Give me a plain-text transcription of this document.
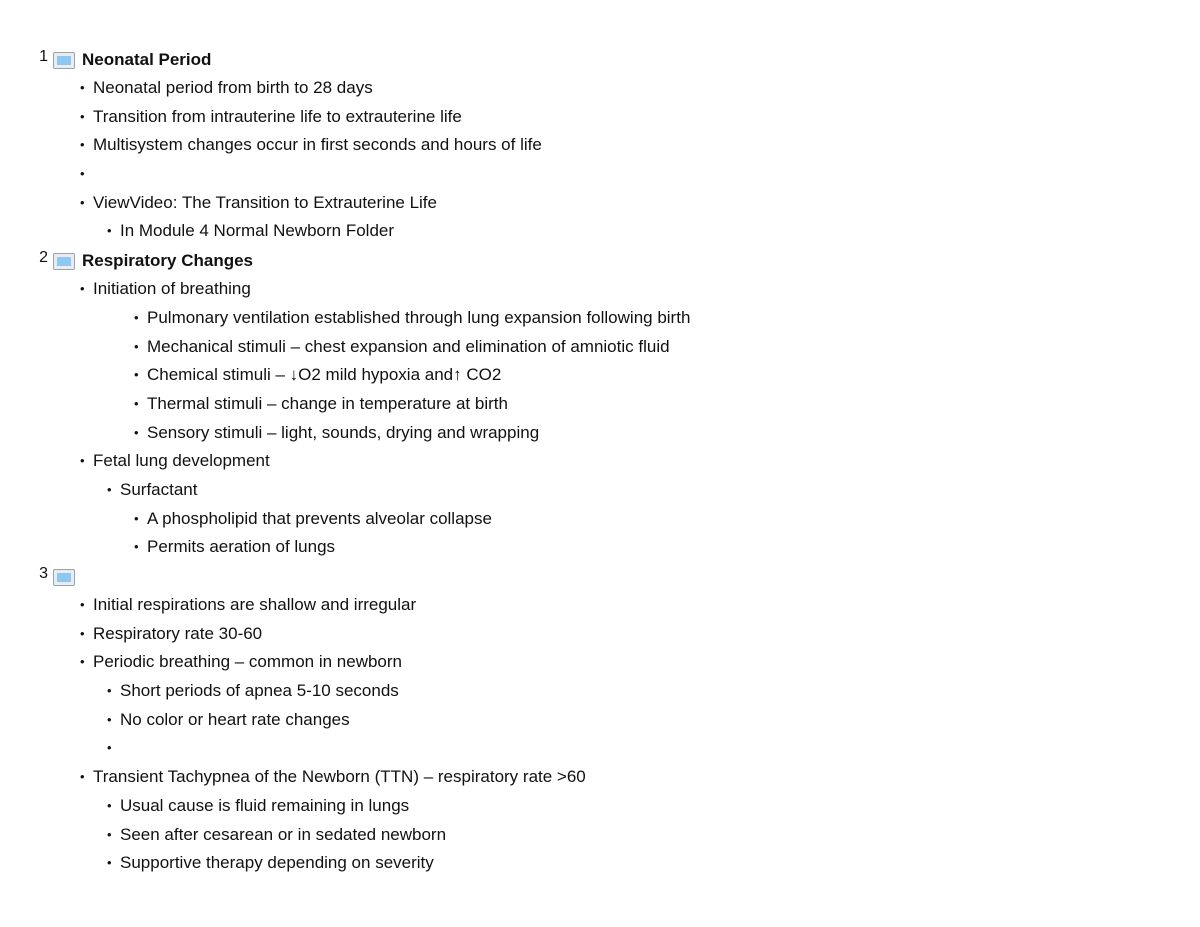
1 Neonatal Period
• Neonatal period from birth to 28 days
• Transition from intrauterine life to extrauterine life
• Multisystem changes occur in first seconds and hours of life
•
• ViewVideo: The Transition to Extrauterine Life
• In Module 4 Normal Newborn Folder
2 Respiratory Changes
• Initiation of breathing
• Pulmonary ventilation established through lung expansion following birth
• Mechanical stimuli – chest expansion and elimination of amniotic fluid
• Chemical stimuli – ↓O2 mild hypoxia and↑ CO2
• Thermal stimuli – change in temperature at birth
• Sensory stimuli – light, sounds, drying and wrapping
• Fetal lung development
• Surfactant
• A phospholipid that prevents alveolar collapse
• Permits aeration of lungs
3
• Initial respirations are shallow and irregular
• Respiratory rate 30-60
• Periodic breathing – common in newborn
• Short periods of apnea 5-10 seconds
• No color or heart rate changes
•
• Transient Tachypnea of the Newborn (TTN) – respiratory rate >60
• Usual cause is fluid remaining in lungs
• Seen after cesarean or in sedated newborn
• Supportive therapy depending on severity
